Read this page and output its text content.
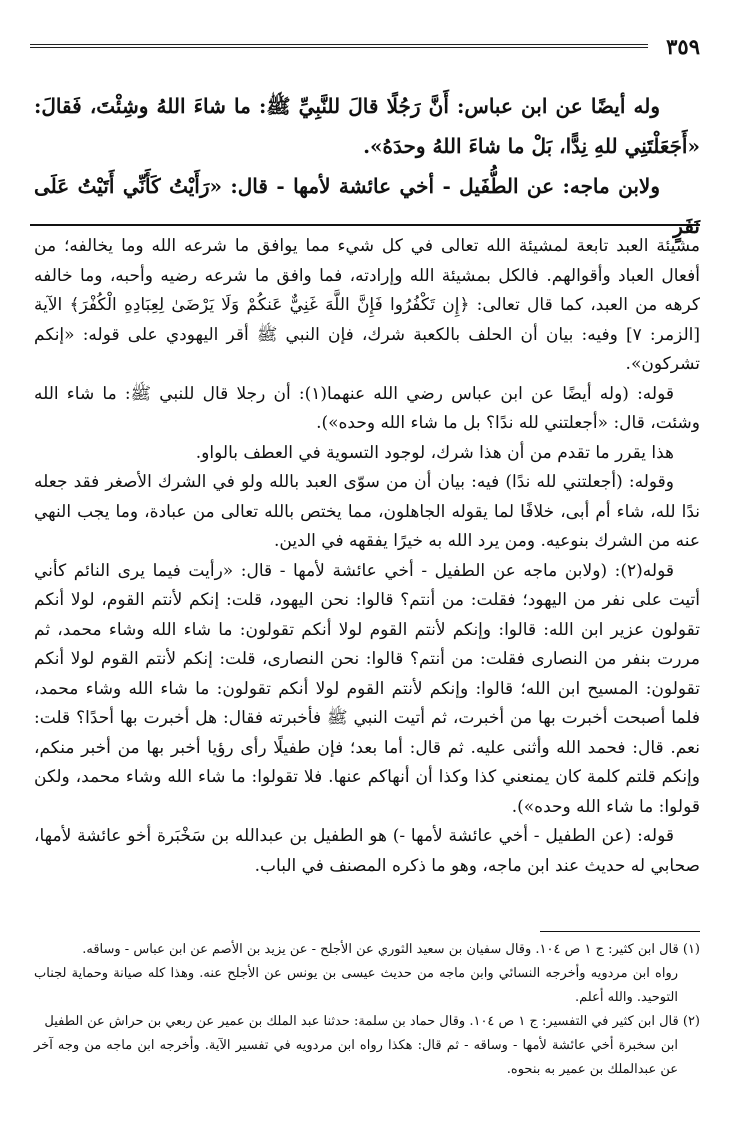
٣٥٩

وله أيضًا عن ابن عباس: أَنَّ رَجُلًا قالَ للنَّبِيِّ ﷺ: ما شاءَ اللهُ وشِئْتَ، فَقالَ: «أَجَعَلْتَنِي للهِ نِدًّا، بَلْ ما شاءَ اللهُ وحدَهُ».

ولابن ماجه: عن الطُّفَيل - أخي عائشة لأمها - قال: «رَأَيْتُ كَأَنِّي أَتَيْتُ عَلَى نَفَرٍ

مشيئة العبد تابعة لمشيئة الله تعالى في كل شيء مما يوافق ما شرعه الله وما يخالفه؛ من أفعال العباد وأقوالهم. فالكل بمشيئة الله وإرادته، فما وافق ما شرعه رضيه وأحبه، وما خالفه كرهه من العبد، كما قال تعالى: ﴿إِن تَكْفُرُوا فَإِنَّ اللَّهَ غَنِيٌّ عَنكُمْ وَلَا يَرْضَىٰ لِعِبَادِهِ الْكُفْرَ﴾ الآية [الزمر: ٧] وفيه: بيان أن الحلف بالكعبة شرك، فإن النبي ﷺ أقر اليهودي على قوله: «إنكم تشركون».

قوله: (وله أيضًا عن ابن عباس رضي الله عنهما(١): أن رجلا قال للنبي ﷺ: ما شاء الله وشئت، قال: «أجعلتني لله ندًا؟ بل ما شاء الله وحده»).

هذا يقرر ما تقدم من أن هذا شرك، لوجود التسوية في العطف بالواو.

وقوله: (أجعلتني لله ندًا) فيه: بيان أن من سوّى العبد بالله ولو في الشرك الأصغر فقد جعله ندًا لله، شاء أم أبى، خلافًا لما يقوله الجاهلون، مما يختص بالله تعالى من عبادة، وما يجب النهي عنه من الشرك بنوعيه. ومن يرد الله به خيرًا يفقهه في الدين.

قوله(٢): (ولابن ماجه عن الطفيل - أخي عائشة لأمها - قال: «رأيت فيما يرى النائم كأني أتيت على نفر من اليهود؛ فقلت: من أنتم؟ قالوا: نحن اليهود، قلت: إنكم لأنتم القوم، لولا أنكم تقولون عزير ابن الله: قالوا: وإنكم لأنتم القوم لولا أنكم تقولون: ما شاء الله وشاء محمد، ثم مررت بنفر من النصارى فقلت: من أنتم؟ قالوا: نحن النصارى، قلت: إنكم لأنتم القوم لولا أنكم تقولون: المسيح ابن الله؛ قالوا: وإنكم لأنتم القوم لولا أنكم تقولون: ما شاء الله وشاء محمد، فلما أصبحت أخبرت بها من أخبرت، ثم أتيت النبي ﷺ فأخبرته فقال: هل أخبرت بها أحدًا؟ قلت: نعم. قال: فحمد الله وأثنى عليه. ثم قال: أما بعد؛ فإن طفيلًا رأى رؤيا أخبر بها من أخبر منكم، وإنكم قلتم كلمة كان يمنعني كذا وكذا أن أنهاكم عنها. فلا تقولوا: ما شاء الله وشاء محمد، ولكن قولوا: ما شاء الله وحده»).

قوله: (عن الطفيل - أخي عائشة لأمها -) هو الطفيل بن عبدالله بن سَخْبَرة أخو عائشة لأمها، صحابي له حديث عند ابن ماجه، وهو ما ذكره المصنف في الباب.

(١) قال ابن كثير: ج ١ ص ١٠٤. وقال سفيان بن سعيد الثوري عن الأجلح - عن يزيد بن الأصم عن ابن عباس - وساقه.

رواه ابن مردويه وأخرجه النسائي وابن ماجه من حديث عيسى بن يونس عن الأجلح عنه. وهذا كله صيانة وحماية لجناب التوحيد. والله أعلم.

(٢) قال ابن كثير في التفسير: ج ١ ص ١٠٤. وقال حماد بن سلمة: حدثنا عبد الملك بن عمير عن ربعي بن حراش عن الطفيل

ابن سخبرة أخي عائشة لأمها - وساقه - ثم قال: هكذا رواه ابن مردويه في تفسير الآية. وأخرجه ابن ماجه من وجه آخر عن عبدالملك بن عمير به بنحوه.
